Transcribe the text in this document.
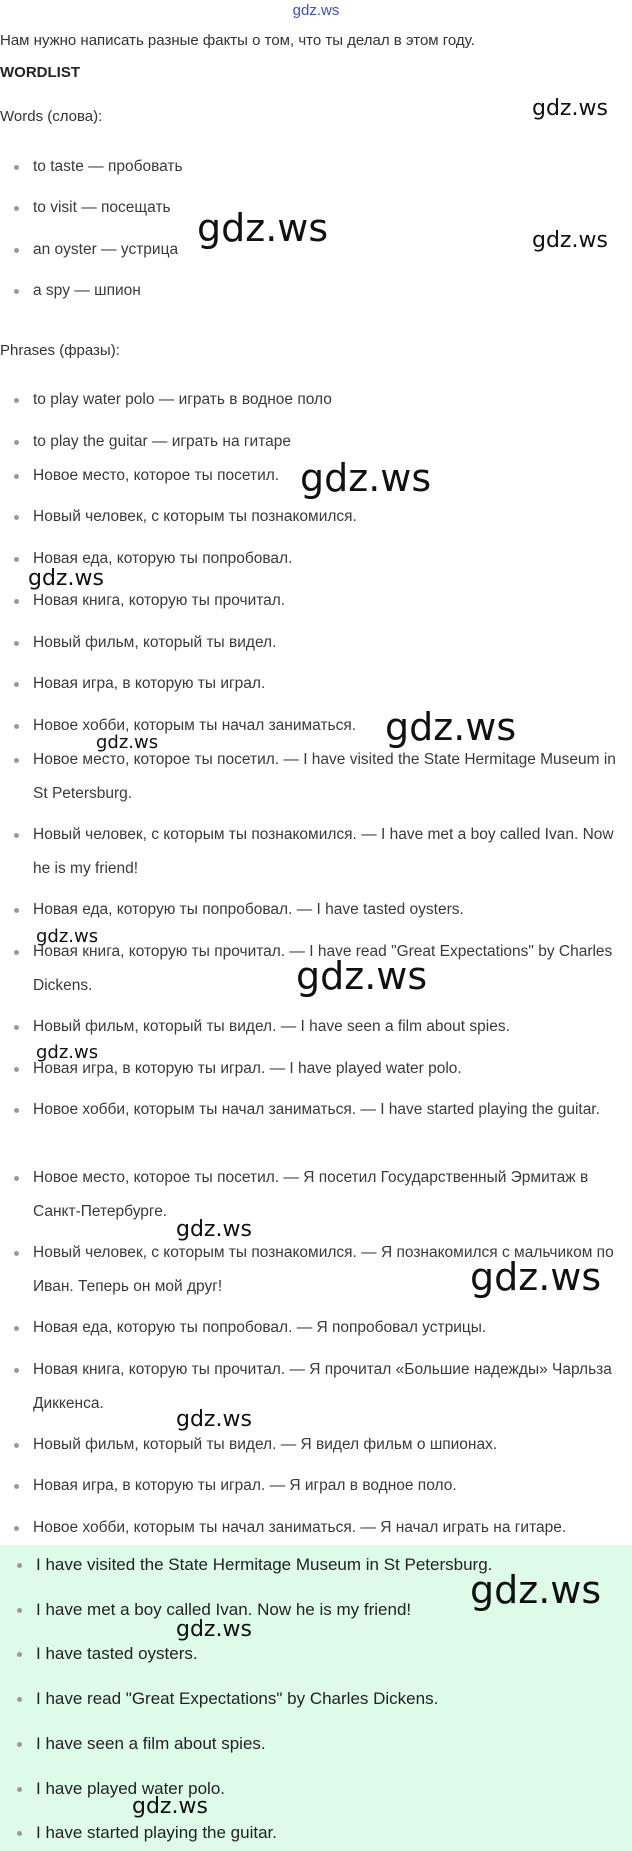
gdz.ws
Нам нужно написать разные факты о том, что ты делал в этом году.
WORDLIST
Words (слова):
to taste — пробовать
to visit — посещать
an oyster — устрица
a spy — шпион
Phrases (фразы):
to play water polo — играть в водное поло
to play the guitar — играть на гитаре
Новое место, которое ты посетил.
Новый человек, с которым ты познакомился.
Новая еда, которую ты попробовал.
Новая книга, которую ты прочитал.
Новый фильм, который ты видел.
Новая игра, в которую ты играл.
Новое хобби, которым ты начал заниматься.
Новое место, которое ты посетил. — I have visited the State Hermitage Museum in St Petersburg.
Новый человек, с которым ты познакомился. — I have met a boy called Ivan. Now he is my friend!
Новая еда, которую ты попробовал. — I have tasted oysters.
Новая книга, которую ты прочитал. — I have read "Great Expectations" by Charles Dickens.
Новый фильм, который ты видел. — I have seen a film about spies.
Новая игра, в которую ты играл. — I have played water polo.
Новое хобби, которым ты начал заниматься. — I have started playing the guitar.
Новое место, которое ты посетил. — Я посетил Государственный Эрмитаж в Санкт-Петербурге.
Новый человек, с которым ты познакомился. — Я познакомился с мальчиком по Иван. Теперь он мой друг!
Новая еда, которую ты попробовал. — Я попробовал устрицы.
Новая книга, которую ты прочитал. — Я прочитал «Большие надежды» Чарльза Диккенса.
Новый фильм, который ты видел. — Я видел фильм о шпионах.
Новая игра, в которую ты играл. — Я играл в водное поло.
Новое хобби, которым ты начал заниматься. — Я начал играть на гитаре.
I have visited the State Hermitage Museum in St Petersburg.
I have met a boy called Ivan. Now he is my friend!
I have tasted oysters.
I have read "Great Expectations" by Charles Dickens.
I have seen a film about spies.
I have played water polo.
I have started playing the guitar.
gdz.ws
gdz.ws	gdz.ws
gdz.ws
gdz.ws
gdz.ws
gdz.ws
gdz.ws
gdz.ws
gdz.ws
gdz.ws
gdz.ws
gdz.ws
gdz.ws
gdz.ws
gdz.ws
